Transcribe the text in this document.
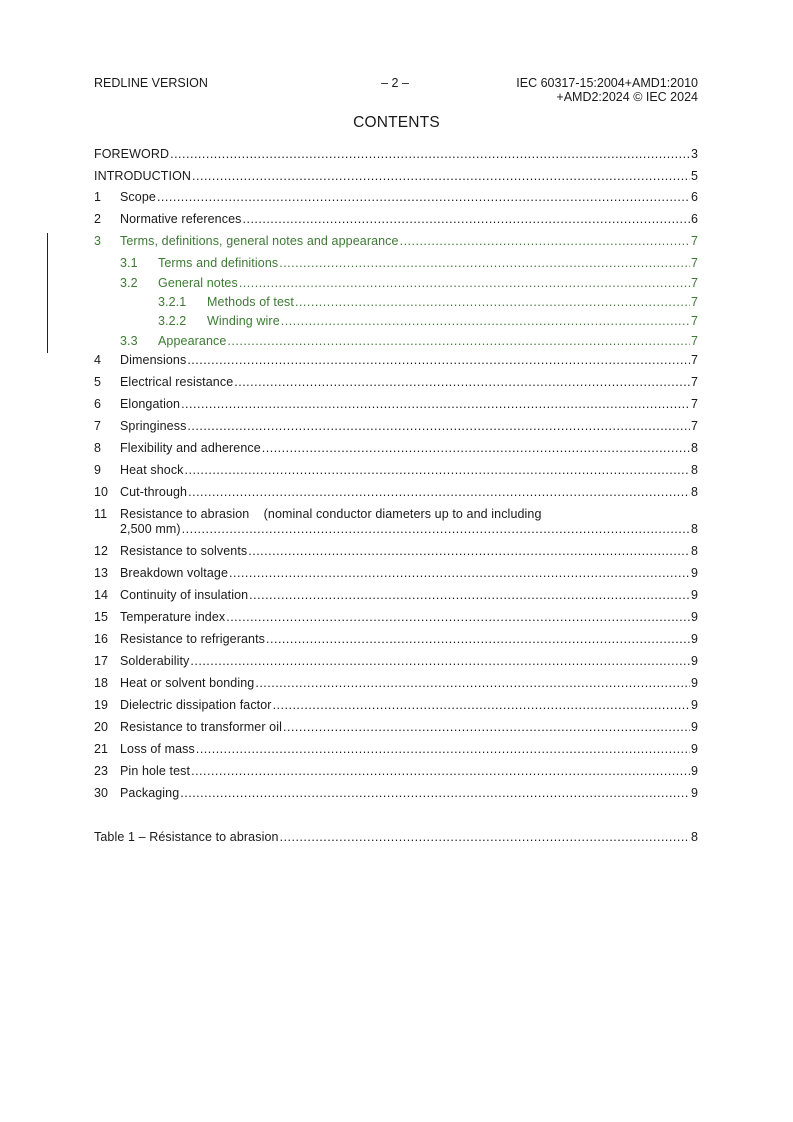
REDLINE VERSION	– 2 –	IEC 60317-15:2004+AMD1:2010
+AMD2:2024 © IEC 2024
CONTENTS
FOREWORD .....	3
INTRODUCTION .....	5
1 Scope .....	6
2 Normative references .....	6
3 Terms, definitions, general notes and appearance .....	7
3.1 Terms and definitions .....	7
3.2 General notes .....	7
3.2.1 Methods of test .....	7
3.2.2 Winding wire .....	7
3.3 Appearance .....	7
4 Dimensions .....	7
5 Electrical resistance .....	7
6 Elongation .....	7
7 Springiness .....	7
8 Flexibility and adherence .....	8
9 Heat shock .....	8
10 Cut-through .....	8
11 Resistance to abrasion    (nominal conductor diameters up to and including
2,500 mm) .....	8
12 Resistance to solvents .....	8
13 Breakdown voltage .....	9
14 Continuity of insulation .....	9
15 Temperature index .....	9
16 Resistance to refrigerants .....	9
17 Solderability .....	9
18 Heat or solvent bonding .....	9
19 Dielectric dissipation factor .....	9
20 Resistance to transformer oil .....	9
21 Loss of mass .....	9
23 Pin hole test .....	9
30 Packaging .....	9
Table 1 – Résistance to abrasion .....	8
